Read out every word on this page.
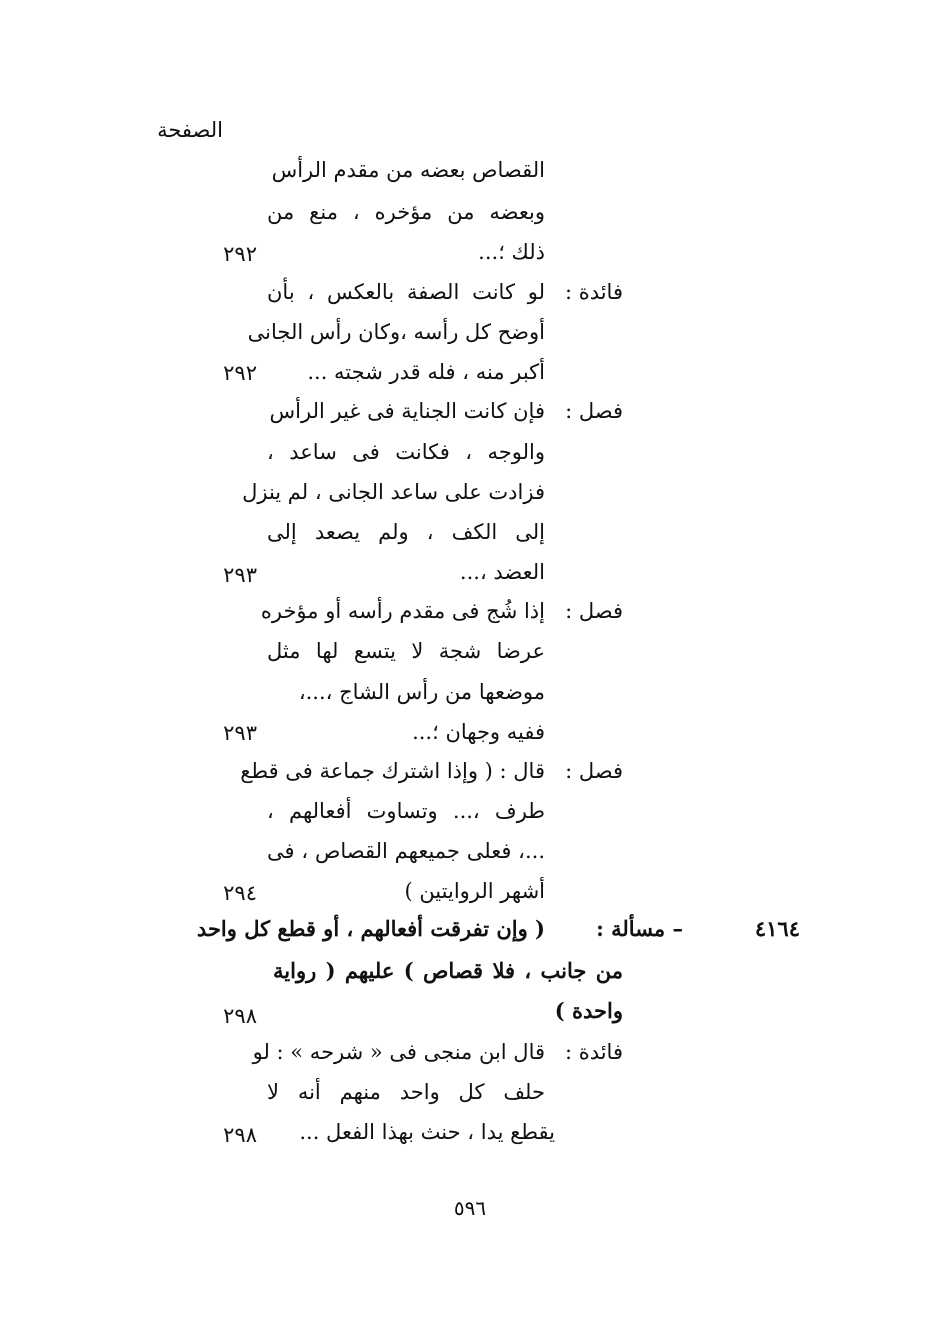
الصفحة
القصاص بعضه من مقدم الرأس
وبعضه من مؤخره ، منع من
ذلك ؛...
٢٩٢
فائدة :
لو كانت الصفة بالعكس ، بأن
أوضح كل رأسه ،وكان رأس الجانى
أكبر منه ، فله قدر شجته ...
٢٩٢
فصل :
فإن كانت الجناية فى غير الرأس
والوجه ، فكانت فى ساعد ،
فزادت على ساعد الجانى ، لم ينزل
إلى الكف ، ولم يصعد إلى
العضد ،...
٢٩٣
فصل :
إذا شُج فى مقدم رأسه أو مؤخره
عرضا شجة لا يتسع لها مثل
موضعها من رأس الشاج ،...،
ففيه وجهان ؛...
٢٩٣
فصل :
قال : ( وإذا اشترك جماعة فى قطع
طرف ،... وتساوت أفعالهم ،
...، فعلى جميعهم القصاص ، فى
أشهر الروايتين )
٢٩٤
٤١٦٤
– مسألة :
( وإن تفرقت أفعالهم ، أو قطع كل واحد
من جانب ، فلا قصاص ) عليهم ( رواية
واحدة )
٢٩٨
فائدة :
قال ابن منجى فى « شرحه » : لو
حلف كل واحد منهم أنه لا
يقطع يدا ، حنث بهذا الفعل ...
٢٩٨
٥٩٦
